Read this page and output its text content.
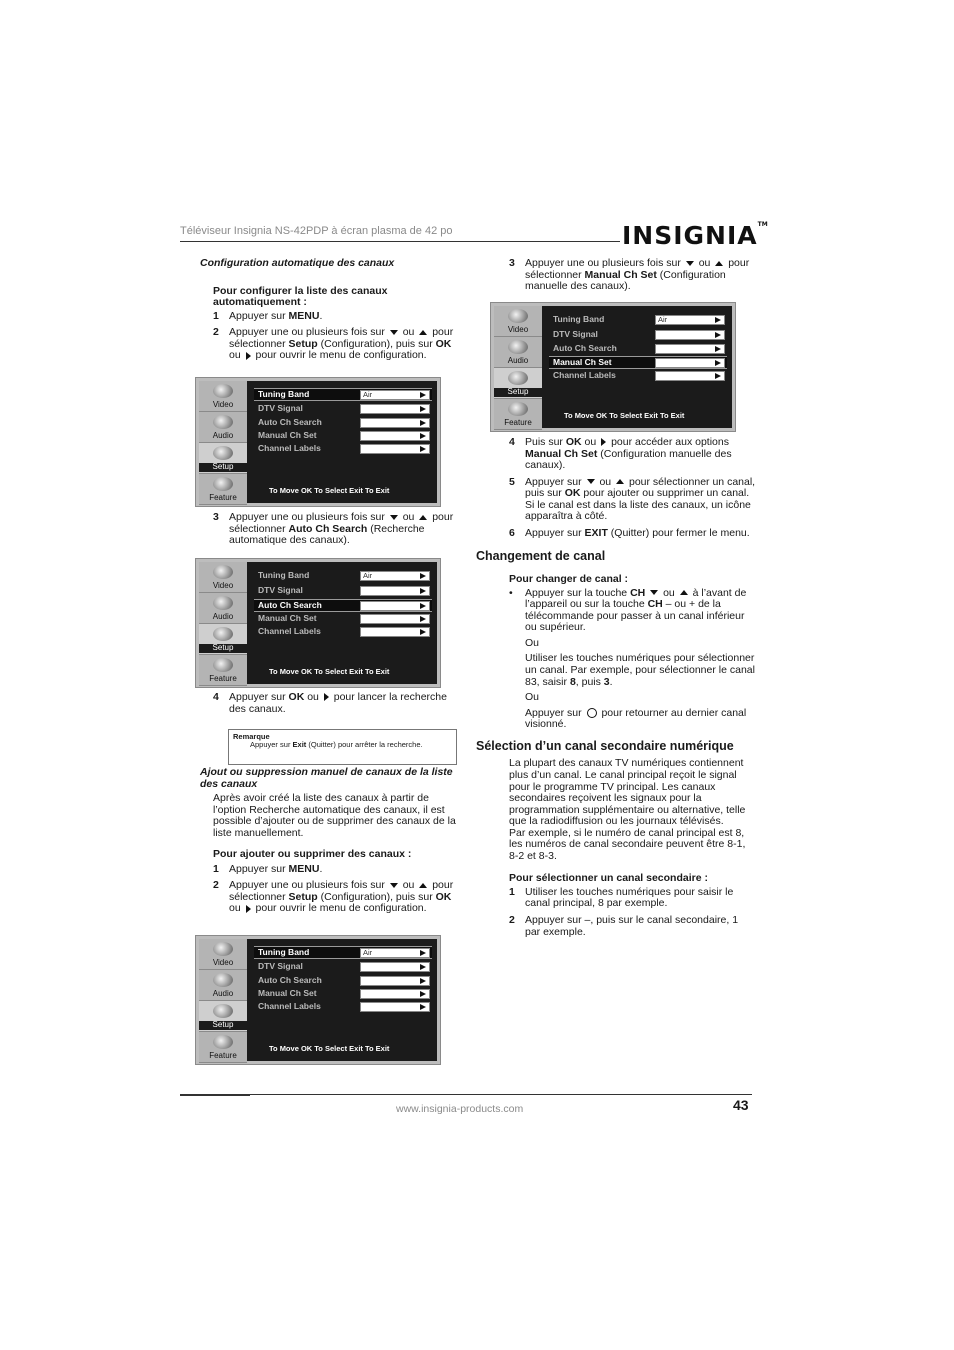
Téléviseur Insignia NS-42PDP à écran plasma de 42 po	INSIGNIA™
Configuration automatique des canaux
Pour configurer la liste des canaux automatiquement :
1 Appuyer sur MENU.
2 Appuyer une ou plusieurs fois sur ou pour sélectionner Setup (Configuration), puis sur OK ou pour ouvrir le menu de configuration.
Video
Audio
Setup
Feature
Tuning Band	Air
DTV Signal
Auto Ch Search
Manual Ch Set
Channel Labels
To Move OK To Select Exit To Exit
3 Appuyer une ou plusieurs fois sur ou pour sélectionner Auto Ch Search (Recherche automatique des canaux).
Video
Audio
Setup
Feature
Tuning Band	Air
DTV Signal
Auto Ch Search
Manual Ch Set
Channel Labels
To Move OK To Select Exit To Exit
4 Appuyer sur OK ou pour lancer la recherche des canaux.
Remarque
Appuyer sur Exit (Quitter) pour arrêter la recherche.
Ajout ou suppression manuel de canaux de la liste des canaux

Après avoir créé la liste des canaux à partir de l’option Recherche automatique des canaux, il est possible d’ajouter ou de supprimer des canaux de la liste manuellement.

Pour ajouter ou supprimer des canaux :
1 Appuyer sur MENU.
2 Appuyer une ou plusieurs fois sur ou pour sélectionner Setup (Configuration), puis sur OK ou pour ouvrir le menu de configuration.
Video
Audio
Setup
Feature
Tuning Band	Air
DTV Signal
Auto Ch Search
Manual Ch Set
Channel Labels
To Move OK To Select Exit To Exit
3 Appuyer une ou plusieurs fois sur ou pour sélectionner Manual Ch Set (Configuration manuelle des canaux).
Video
Audio
Setup
Feature
Tuning Band	Air
DTV Signal
Auto Ch Search
Manual Ch Set
Channel Labels
To Move OK To Select Exit To Exit
4 Puis sur OK ou pour accéder aux options Manual Ch Set (Configuration manuelle des canaux).
5 Appuyer sur ou pour sélectionner un canal, puis sur OK pour ajouter ou supprimer un canal. Si le canal est dans la liste des canaux, un icône apparaîtra à côté.
6 Appuyer sur EXIT (Quitter) pour fermer le menu.
Changement de canal
Pour changer de canal :
• Appuyer sur la touche CH ou à l’avant de l’appareil ou sur la touche CH – ou + de la télécommande pour passer à un canal inférieur ou supérieur.

Ou

Utiliser les touches numériques pour sélectionner un canal. Par exemple, pour sélectionner le canal 83, saisir 8, puis 3.

Ou

Appuyer sur pour retourner au dernier canal visionné.

Sélection d’un canal secondaire numérique

La plupart des canaux TV numériques contiennent plus d’un canal. Le canal principal reçoit le signal pour le programme TV principal. Les canaux secondaires reçoivent les signaux pour la programmation supplémentaire ou alternative, telle que la radiodiffusion ou les journaux télévisés.

Par exemple, si le numéro de canal principal est 8, les numéros de canal secondaire peuvent être 8-1, 8-2 et 8-3.

Pour sélectionner un canal secondaire :
1 Utiliser les touches numériques pour saisir le canal principal, 8 par exemple.
2 Appuyer sur –, puis sur le canal secondaire, 1 par exemple.
www.insignia-products.com	43
